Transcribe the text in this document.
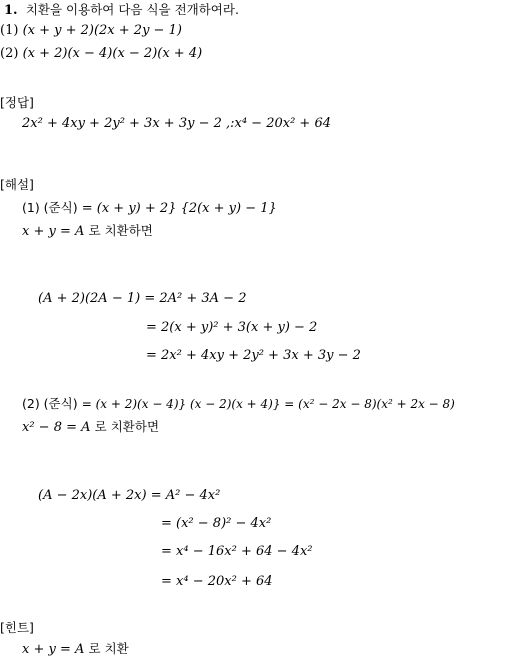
1. 치환을 이용하여 다음 식을 전개하여라.
(1) (x + y + 2)(2x + 2y − 1)
(2) (x + 2)(x − 4)(x − 2)(x + 4)
[정답]
2x² + 4xy + 2y² + 3x + 3y − 2 ,:x⁴ − 20x² + 64
[해설]
(1) (준식) = (x + y) + 2} {2(x + y) − 1}
x + y = A 로 치환하면
(A + 2)(2A − 1) = 2A² + 3A − 2
= 2(x + y)² + 3(x + y) − 2
= 2x² + 4xy + 2y² + 3x + 3y − 2
(2) (준식) = (x + 2)(x − 4)} (x − 2)(x + 4)} = (x² − 2x − 8)(x² + 2x − 8)
x² − 8 = A 로 치환하면
(A − 2x)(A + 2x) = A² − 4x²
= (x² − 8)² − 4x²
= x⁴ − 16x² + 64 − 4x²
= x⁴ − 20x² + 64
[힌트]
x + y = A 로 치환
